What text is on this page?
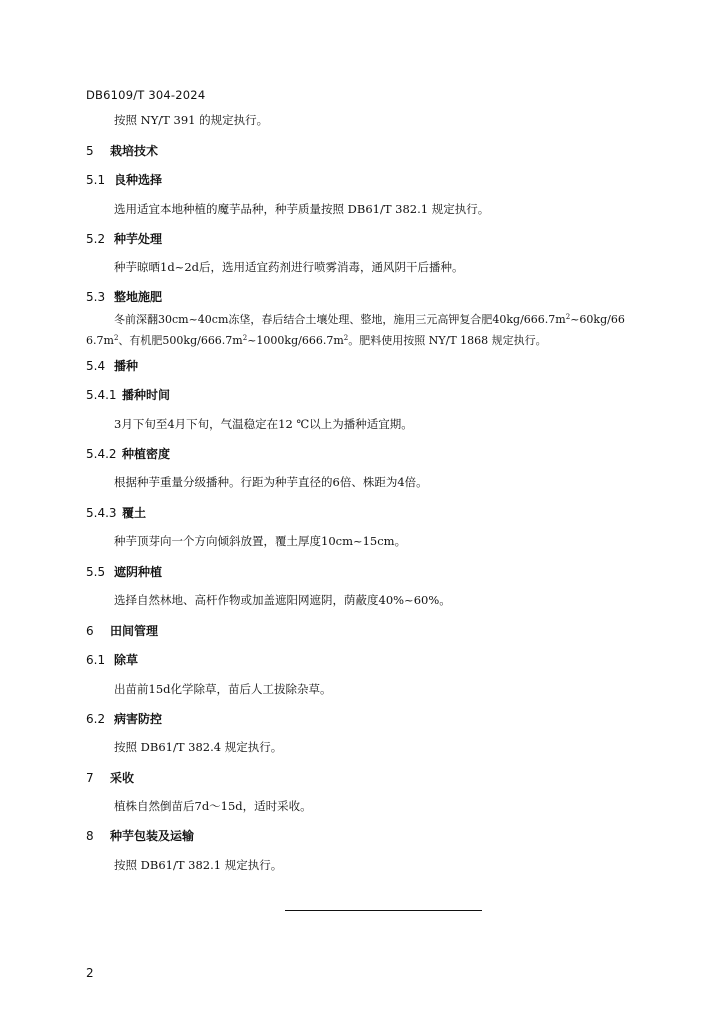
DB6109/T 304-2024
按照 NY/T 391 的规定执行。
5 栽培技术
5.1 良种选择
选用适宜本地种植的魔芋品种，种芋质量按照 DB61/T 382.1 规定执行。
5.2 种芋处理
种芋晾晒1d~2d后，选用适宜药剂进行喷雾消毒，通风阴干后播种。
5.3 整地施肥
冬前深翻30cm~40cm冻垡，春后结合土壤处理、整地，施用三元高钾复合肥$40kg/666.7m^2\sim 60kg/66$
$6.7m^2$、有机肥$500kg/666.7m^2\sim 1000kg/666.7m^2$。肥料使用按照 NY/T 1868 规定执行。
5.4 播种
5.4.1 播种时间
3月下旬至4月下旬，气温稳定在12 ℃以上为播种适宜期。
5.4.2 种植密度
根据种芋重量分级播种。行距为种芋直径的6倍、株距为4倍。
5.4.3 覆土
种芋顶芽向一个方向倾斜放置，覆土厚度10cm~15cm。
5.5 遮阴种植
选择自然林地、高杆作物或加盖遮阳网遮阴，荫蔽度40%~60%。
6 田间管理
6.1 除草
出苗前15d化学除草，苗后人工拔除杂草。
6.2 病害防控
按照 DB61/T 382.4 规定执行。
7 采收
植株自然倒苗后7d～15d，适时采收。
8 种芋包装及运输
按照 DB61/T 382.1 规定执行。
2
